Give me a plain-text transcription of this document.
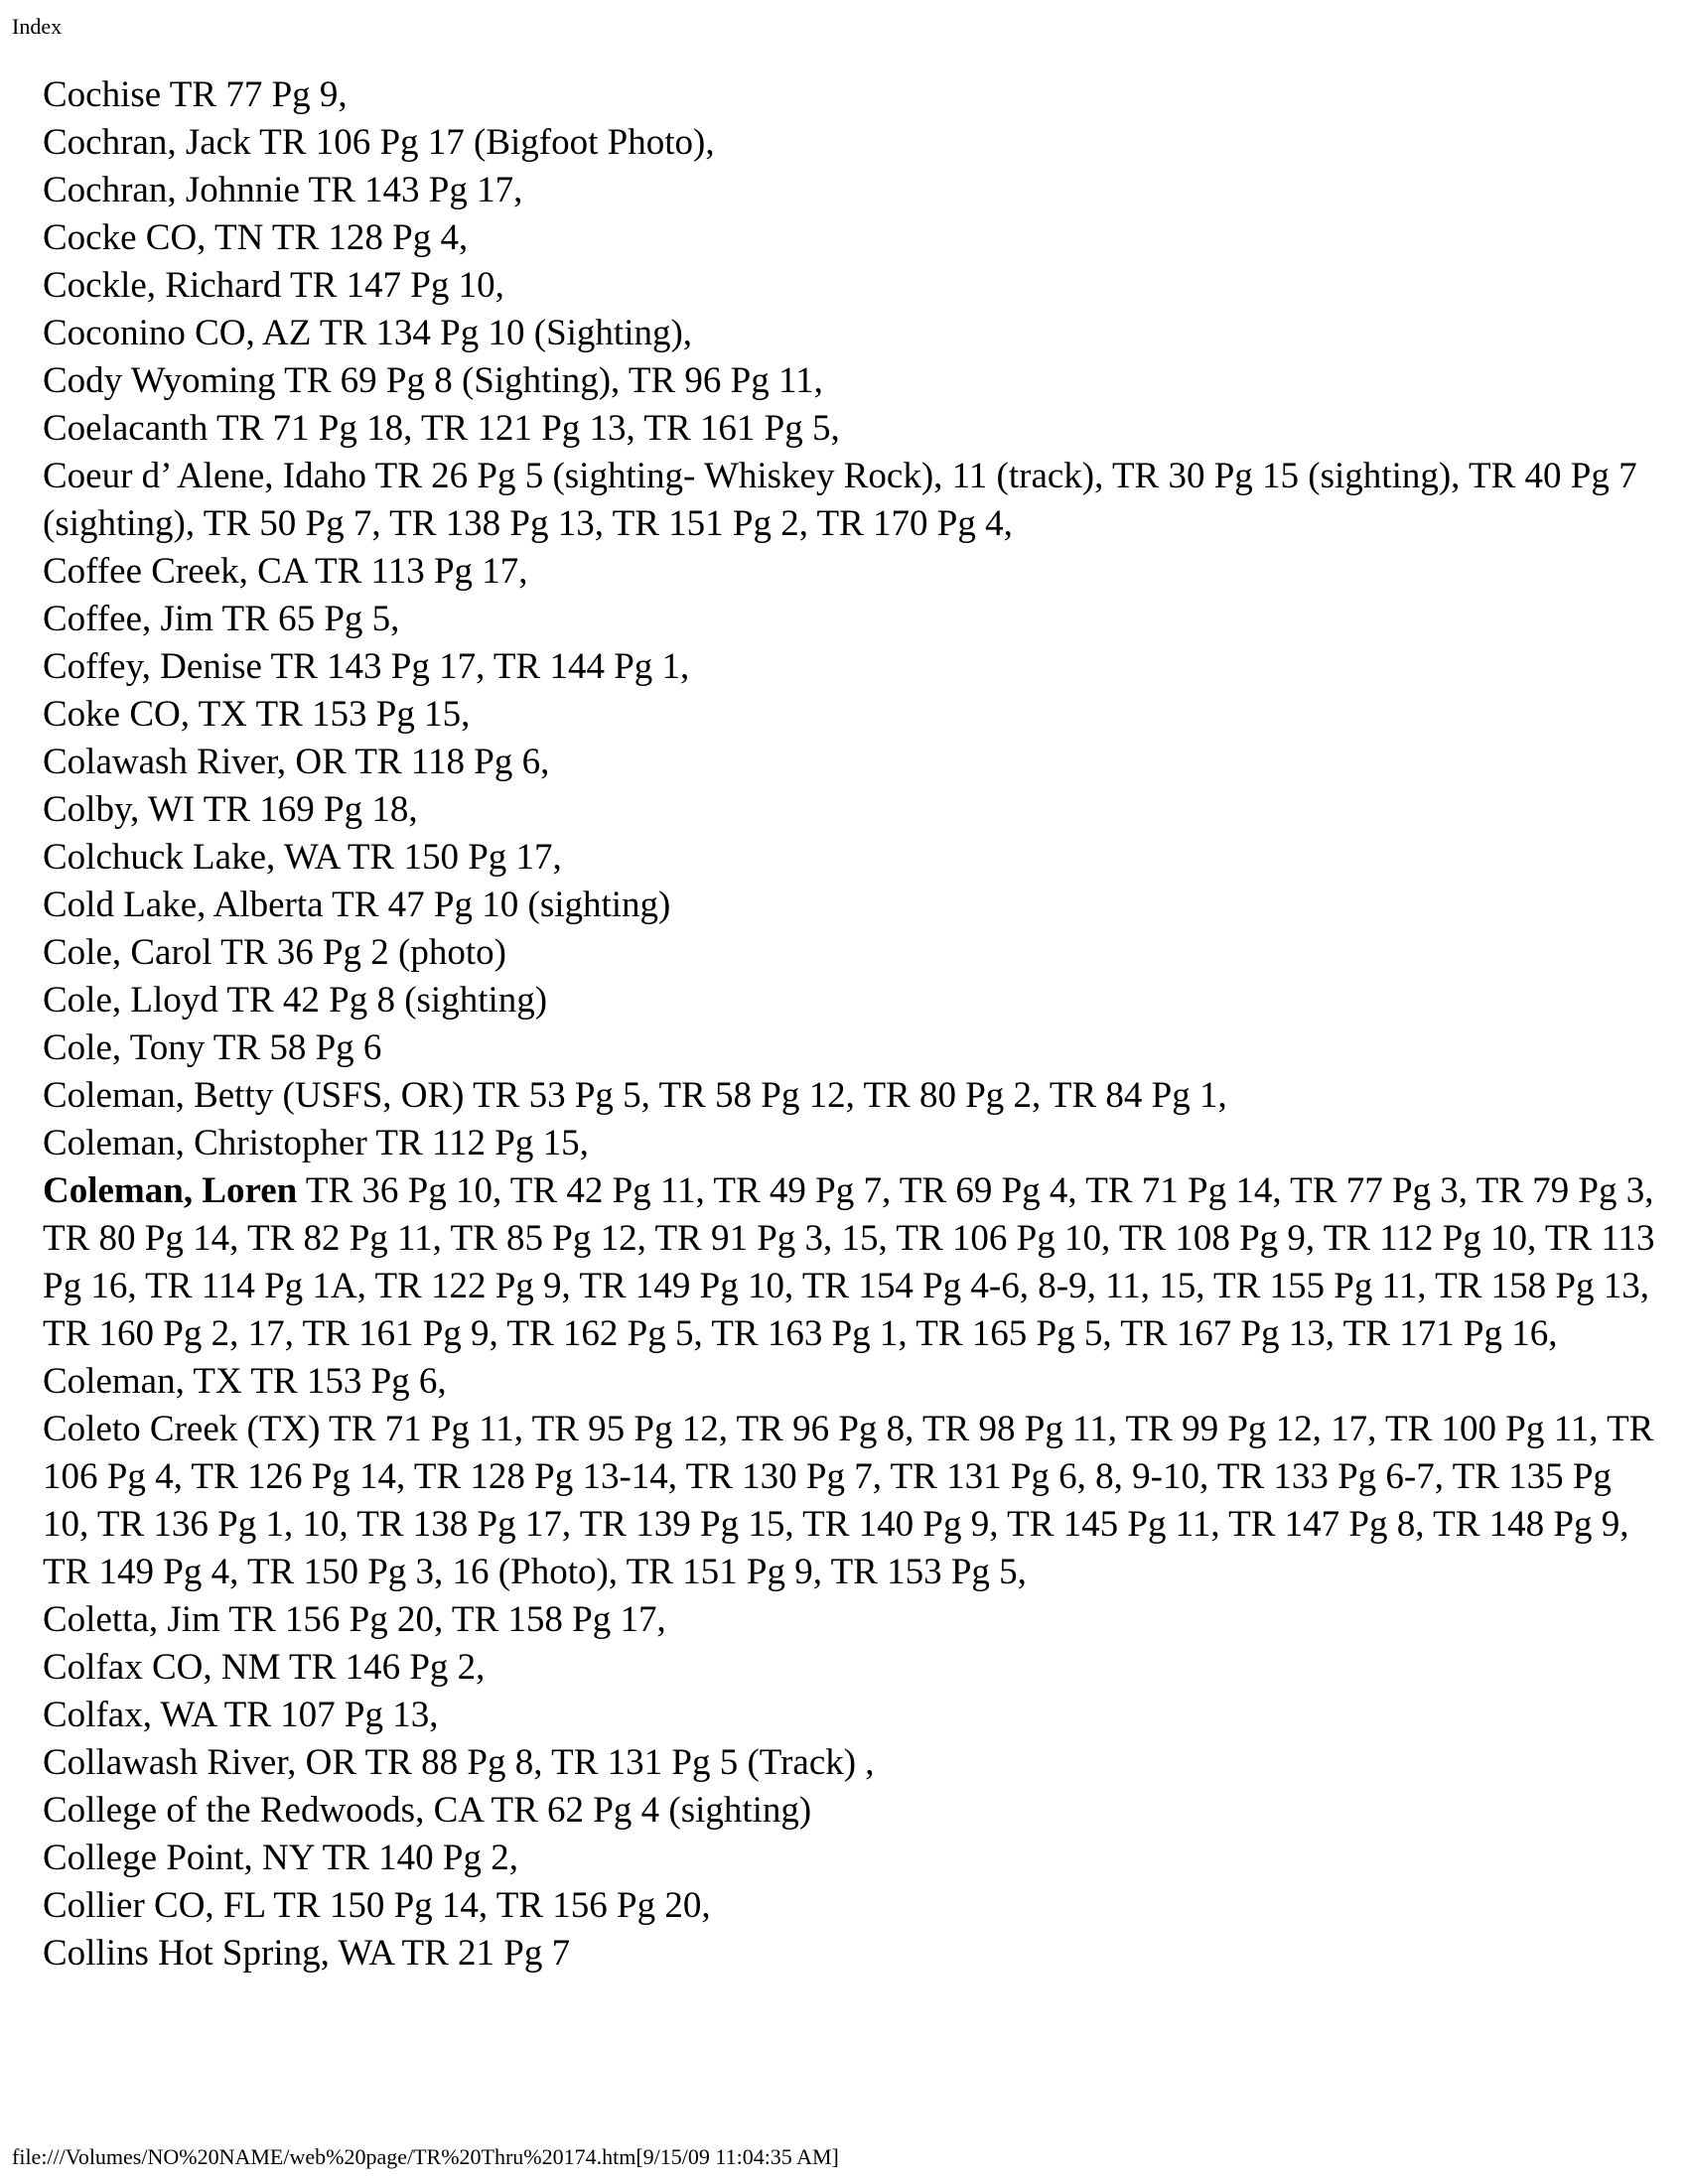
Index
Cochise TR 77 Pg 9,
Cochran, Jack TR 106 Pg 17 (Bigfoot Photo),
Cochran, Johnnie TR 143 Pg 17,
Cocke CO, TN TR 128 Pg 4,
Cockle, Richard TR 147 Pg 10,
Coconino CO, AZ TR 134 Pg 10 (Sighting),
Cody Wyoming TR 69 Pg 8 (Sighting), TR 96 Pg 11,
Coelacanth TR 71 Pg 18, TR 121 Pg 13, TR 161 Pg 5,
Coeur d’ Alene, Idaho TR 26 Pg 5 (sighting- Whiskey Rock), 11 (track), TR 30 Pg 15 (sighting), TR 40 Pg 7 (sighting), TR 50 Pg 7, TR 138 Pg 13, TR 151 Pg 2, TR 170 Pg 4,
Coffee Creek, CA TR 113 Pg 17,
Coffee, Jim TR 65 Pg 5,
Coffey, Denise TR 143 Pg 17, TR 144 Pg 1,
Coke CO, TX TR 153 Pg 15,
Colawash River, OR TR 118 Pg 6,
Colby, WI TR 169 Pg 18,
Colchuck Lake, WA TR 150 Pg 17,
Cold Lake, Alberta TR 47 Pg 10 (sighting)
Cole, Carol TR 36 Pg 2 (photo)
Cole, Lloyd TR 42 Pg 8 (sighting)
Cole, Tony TR 58 Pg 6
Coleman, Betty (USFS, OR) TR 53 Pg 5, TR 58 Pg 12, TR 80 Pg 2, TR 84 Pg 1,
Coleman, Christopher TR 112 Pg 15,
Coleman, Loren TR 36 Pg 10, TR 42 Pg 11, TR 49 Pg 7, TR 69 Pg 4, TR 71 Pg 14, TR 77 Pg 3, TR 79 Pg 3, TR 80 Pg 14, TR 82 Pg 11, TR 85 Pg 12, TR 91 Pg 3, 15, TR 106 Pg 10, TR 108 Pg 9, TR 112 Pg 10, TR 113 Pg 16, TR 114 Pg 1A, TR 122 Pg 9, TR 149 Pg 10, TR 154 Pg 4-6, 8-9, 11, 15, TR 155 Pg 11, TR 158 Pg 13, TR 160 Pg 2, 17, TR 161 Pg 9, TR 162 Pg 5, TR 163 Pg 1, TR 165 Pg 5, TR 167 Pg 13, TR 171 Pg 16,
Coleman, TX TR 153 Pg 6,
Coleto Creek (TX) TR 71 Pg 11, TR 95 Pg 12, TR 96 Pg 8, TR 98 Pg 11, TR 99 Pg 12, 17, TR 100 Pg 11, TR 106 Pg 4, TR 126 Pg 14, TR 128 Pg 13-14, TR 130 Pg 7, TR 131 Pg 6, 8, 9-10, TR 133 Pg 6-7, TR 135 Pg 10, TR 136 Pg 1, 10, TR 138 Pg 17, TR 139 Pg 15, TR 140 Pg 9, TR 145 Pg 11, TR 147 Pg 8, TR 148 Pg 9, TR 149 Pg 4, TR 150 Pg 3, 16 (Photo), TR 151 Pg 9, TR 153 Pg 5,
Coletta, Jim TR 156 Pg 20, TR 158 Pg 17,
Colfax CO, NM TR 146 Pg 2,
Colfax, WA TR 107 Pg 13,
Collawash River, OR TR 88 Pg 8, TR 131 Pg 5 (Track) ,
College of the Redwoods, CA TR 62 Pg 4 (sighting)
College Point, NY TR 140 Pg 2,
Collier CO, FL TR 150 Pg 14, TR 156 Pg 20,
Collins Hot Spring, WA TR 21 Pg 7
file:///Volumes/NO%20NAME/web%20page/TR%20Thru%20174.htm[9/15/09 11:04:35 AM]
